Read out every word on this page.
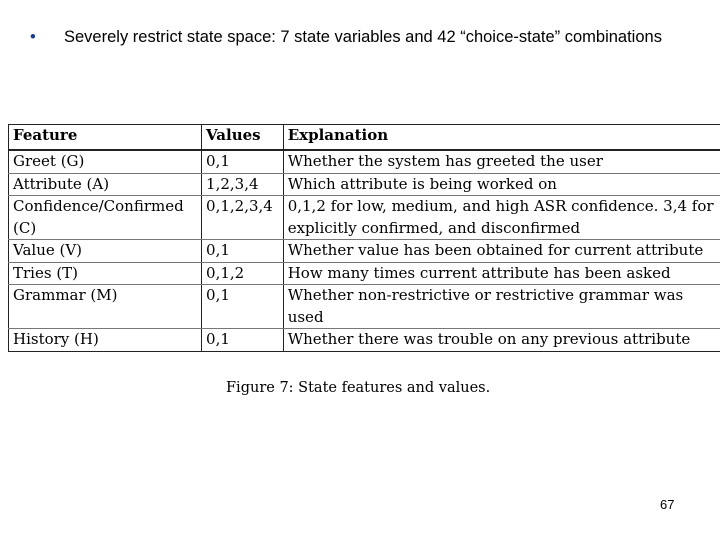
• Severely restrict state space: 7 state variables and 42 “choice-state” combinations
Feature	Values	Explanation
Greet (G)	0,1	Whether the system has greeted the user
Attribute (A)	1,2,3,4	Which attribute is being worked on
Confidence/Confirmed (C)	0,1,2,3,4	0,1,2 for low, medium, and high ASR confidence. 3,4 for explicitly confirmed, and disconfirmed
Value (V)	0,1	Whether value has been obtained for current attribute
Tries (T)	0,1,2	How many times current attribute has been asked
Grammar (M)	0,1	Whether non-restrictive or restrictive grammar was used
History (H)	0,1	Whether there was trouble on any previous attribute
Figure 7: State features and values.
67
